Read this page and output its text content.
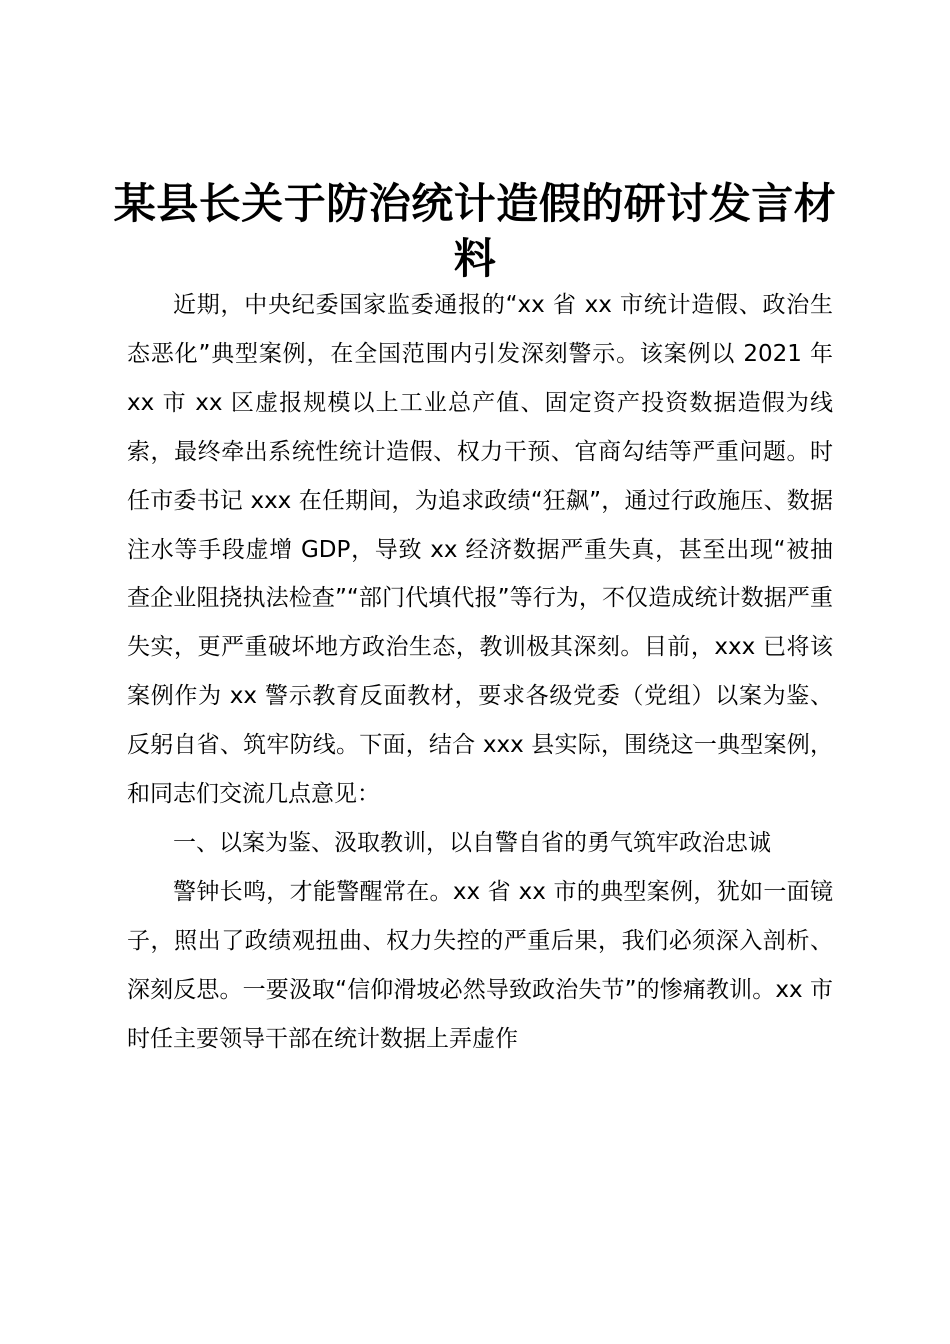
某县长关于防治统计造假的研讨发言材料

近期，中央纪委国家监委通报的“xx 省 xx 市统计造假、政治生态恶化”典型案例，在全国范围内引发深刻警示。该案例以 2021 年 xx 市 xx 区虚报规模以上工业总产值、固定资产投资数据造假为线索，最终牵出系统性统计造假、权力干预、官商勾结等严重问题。时任市委书记 xxx 在任期间，为追求政绩“狂飙”，通过行政施压、数据注水等手段虚增 GDP，导致 xx 经济数据严重失真，甚至出现“被抽查企业阻挠执法检查”“部门代填代报”等行为，不仅造成统计数据严重失实，更严重破坏地方政治生态，教训极其深刻。目前，xxx 已将该案例作为 xx 警示教育反面教材，要求各级党委（党组）以案为鉴、反躬自省、筑牢防线。下面，结合 xxx 县实际，围绕这一典型案例，和同志们交流几点意见：

一、以案为鉴、汲取教训，以自警自省的勇气筑牢政治忠诚

警钟长鸣，才能警醒常在。xx 省 xx 市的典型案例，犹如一面镜子，照出了政绩观扭曲、权力失控的严重后果，我们必须深入剖析、深刻反思。一要汲取“信仰滑坡必然导致政治失节”的惨痛教训。xx 市时任主要领导干部在统计数据上弄虚作
